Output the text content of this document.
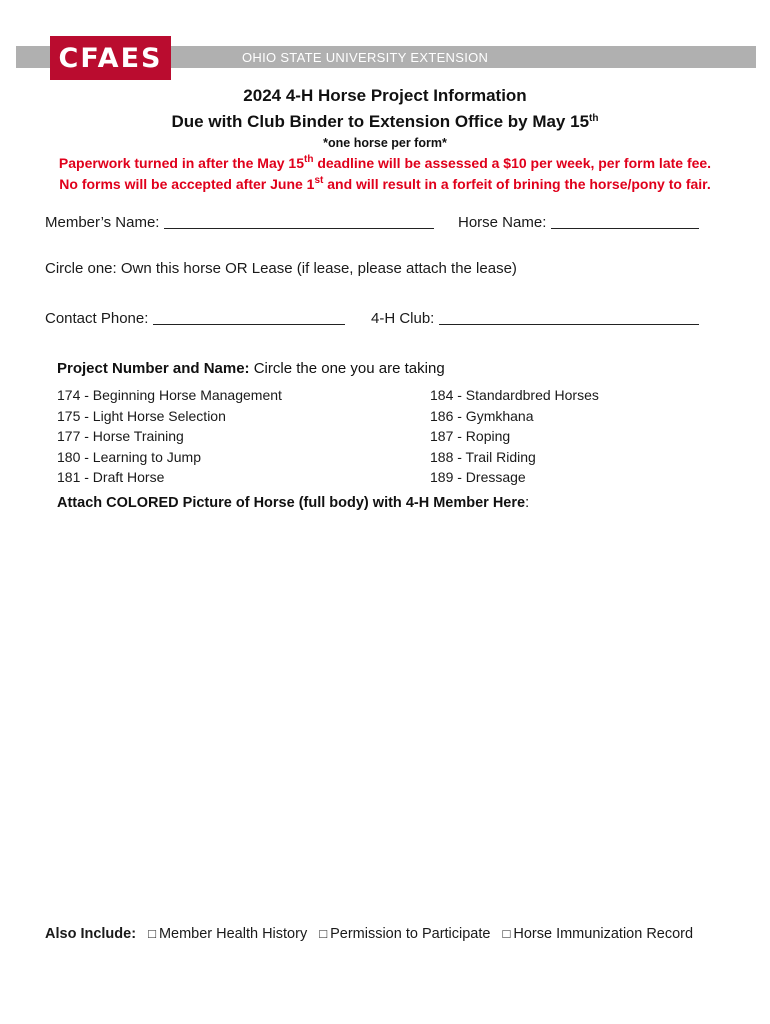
OHIO STATE UNIVERSITY EXTENSION
CFAES
2024 4-H Horse Project Information
Due with Club Binder to Extension Office by May 15th
*one horse per form*
Paperwork turned in after the May 15th deadline will be assessed a $10 per week, per form late fee.
No forms will be accepted after June 1st and will result in a forfeit of brining the horse/pony to fair.
Member’s Name:	Horse Name:
Circle one: Own this horse OR Lease (if lease, please attach the lease)
Contact Phone:	4-H Club:
Project Number and Name: Circle the one you are taking
174 - Beginning Horse Management
175 - Light Horse Selection
177 - Horse Training
180 - Learning to Jump
181 - Draft Horse
184 - Standardbred Horses
186 - Gymkhana
187 - Roping
188 - Trail Riding
189 - Dressage
Attach COLORED Picture of Horse (full body) with 4-H Member Here:
Also Include: □ Member Health History □ Permission to Participate □ Horse Immunization Record
